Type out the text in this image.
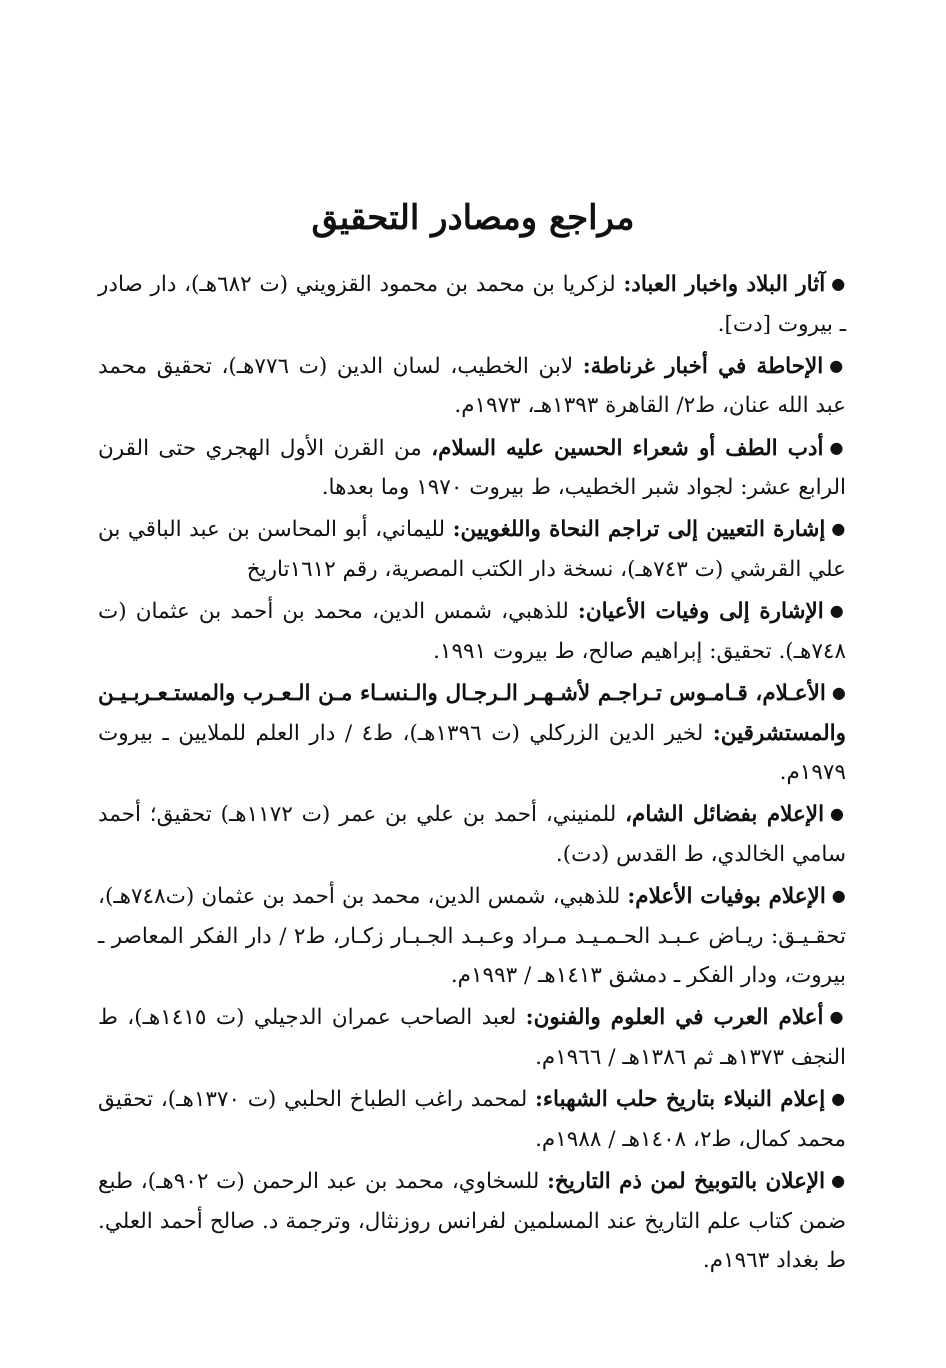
مراجع ومصادر التحقيق
●آثار البلاد واخبار العباد: لزكريا بن محمد بن محمود القزويني (ت ٦٨٢هـ)، دار صادر ـ بيروت [دت].
●الإحاطة في أخبار غرناطة: لابن الخطيب، لسان الدين (ت ٧٧٦هـ)، تحقيق محمد عبد الله عنان، ط٢/ القاهرة ١٣٩٣هـ، ١٩٧٣م.
●أدب الطف أو شعراء الحسين عليه السلام، من القرن الأول الهجري حتى القرن الرابع عشر: لجواد شبر الخطيب، ط بيروت ١٩٧٠ وما بعدها.
●إشارة التعيين إلى تراجم النحاة واللغويين: لليماني، أبو المحاسن بن عبد الباقي بن علي القرشي (ت ٧٤٣هـ)، نسخة دار الكتب المصرية، رقم ١٦١٢تاريخ
●الإشارة إلى وفيات الأعيان: للذهبي، شمس الدين، محمد بن أحمد بن عثمان (ت ٧٤٨هـ). تحقيق: إبراهيم صالح، ط بيروت ١٩٩١.
●الأعـلام، قـامـوس تـراجـم لأشـهـر الـرجـال والـنسـاء مـن الـعـرب والمستـعـربـيـن والمستشرقين: لخير الدين الزركلي (ت ١٣٩٦هـ)، ط٤ / دار العلم للملايين ـ بيروت ١٩٧٩م.
●الإعلام بفضائل الشام، للمنيني، أحمد بن علي بن عمر (ت ١١٧٢هـ) تحقيق؛ أحمد سامي الخالدي، ط القدس (دت).
●الإعلام بوفيات الأعلام: للذهبي، شمس الدين، محمد بن أحمد بن عثمان (ت٧٤٨هـ)، تحقـيـق: ريـاض عـبـد الحـمـيـد مـراد وعـبـد الجـبـار زكـار، ط٢ / دار الفكر المعاصر ـ بيروت، ودار الفكر ـ دمشق ١٤١٣هـ / ١٩٩٣م.
●أعلام العرب في العلوم والفنون: لعبد الصاحب عمران الدجيلي (ت ١٤١٥هـ)، ط النجف ١٣٧٣هـ ثم ١٣٨٦هـ / ١٩٦٦م.
●إعلام النبلاء بتاريخ حلب الشهباء: لمحمد راغب الطباخ الحلبي (ت ١٣٧٠هـ)، تحقيق محمد كمال، ط٢، ١٤٠٨هـ / ١٩٨٨م.
●الإعلان بالتوبيخ لمن ذم التاريخ: للسخاوي، محمد بن عبد الرحمن (ت ٩٠٢هـ)، طبع ضمن كتاب علم التاريخ عند المسلمين لفرانس روزنثال، وترجمة د. صالح أحمد العلي. ط بغداد ١٩٦٣م.
